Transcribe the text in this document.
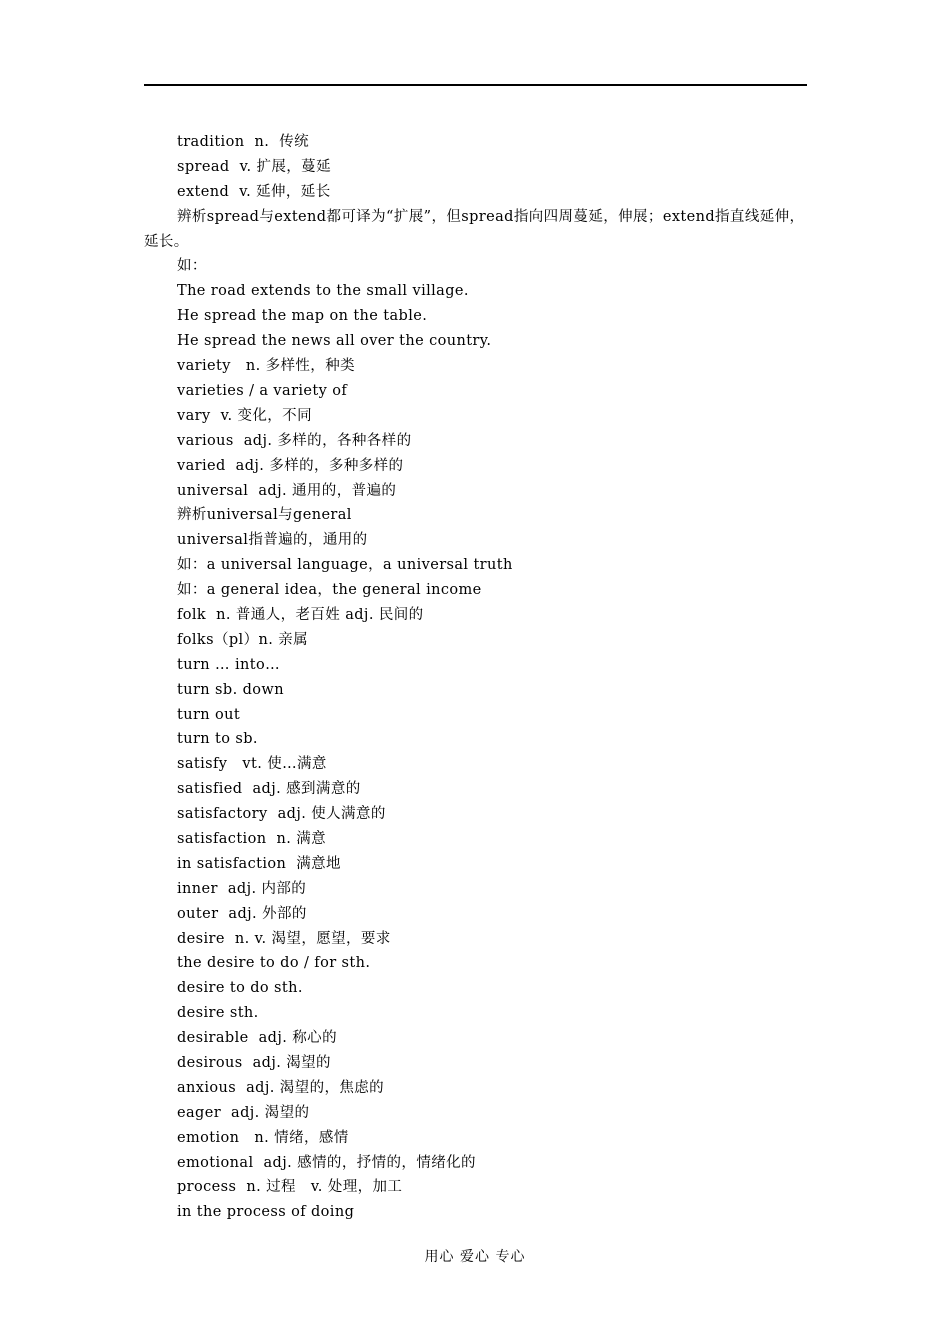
tradition  n.  传统
spread  v. 扩展，蔓延
extend  v. 延伸，延长
辨析spread与extend都可译为“扩展”，但spread指向四周蔓延，伸展；extend指直线延伸，延长。
如：
The road extends to the small village.
He spread the map on the table.
He spread the news all over the country.
variety   n. 多样性，种类
varieties / a variety of
vary  v. 变化，不同
various  adj. 多样的，各种各样的
varied  adj. 多样的，多种多样的
universal  adj. 通用的，普遍的
辨析universal与general
universal指普遍的，通用的
如：a universal language，a universal truth
如：a general idea，the general income
folk  n. 普通人，老百姓 adj. 民间的
folks（pl）n. 亲属
turn … into…
turn sb. down
turn out
turn to sb.
satisfy   vt. 使…满意
satisfied  adj. 感到满意的
satisfactory  adj. 使人满意的
satisfaction  n. 满意
in satisfaction  满意地
inner  adj. 内部的
outer  adj. 外部的
desire  n. v. 渴望，愿望，要求
the desire to do / for sth.
desire to do sth.
desire sth.
desirable  adj. 称心的
desirous  adj. 渴望的
anxious  adj. 渴望的，焦虑的
eager  adj. 渴望的
emotion   n. 情绪，感情
emotional  adj. 感情的，抒情的，情绪化的
process  n. 过程   v. 处理，加工
in the process of doing
用心 爱心 专心
